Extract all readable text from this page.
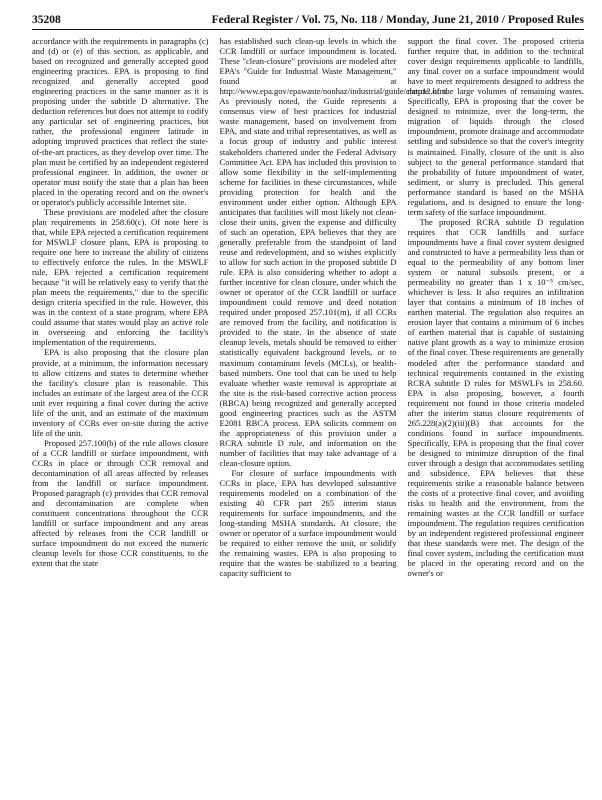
35208	Federal Register / Vol. 75, No. 118 / Monday, June 21, 2010 / Proposed Rules

accordance with the requirements in paragraphs (c) and (d) or (e) of this section, as applicable, and based on recognized and generally accepted good engineering practices. EPA is proposing to find recognized and generally accepted good engineering practices in the same manner as it is proposing under the subtitle D alternative. The deduction references but does not attempt to codify any particular set of engineering practices, but rather, the professional engineer latitude in adopting improved practices that reflect the state-of-the-art practices, as they develop over time. The plan must be certified by an independent registered professional engineer. In addition, the owner or operator must notify the state that a plan has been placed in the operating record and on the owner's or operator's publicly accessible Internet site.

These provisions are modeled after the closure plan requirements in 258.60(c). Of note here is that, while EPA rejected a certification requirement for MSWLF closure plans, EPA is proposing to require one here to increase the ability of citizens to effectively enforce the rules. In the MSWLF rule, EPA rejected a certification requirement because "it will be relatively easy to verify that the plan meets the requirements," due to the specific design criteria specified in the rule. However, this was in the context of a state program, where EPA could assume that states would play an active role in overseeing and enforcing the facility's implementation of the requirements.

EPA is also proposing that the closure plan provide, at a minimum, the information necessary to allow citizens and states to determine whether the facility's closure plan is reasonable. This includes an estimate of the largest area of the CCR unit ever requiring a final cover during the active life of the unit, and an estimate of the maximum inventory of CCRs ever on-site during the active life of the unit.

Proposed 257.100(b) of the rule allows closure of a CCR landfill or surface impoundment, with CCRs in place or through CCR removal and decontamination of all areas affected by releases from the landfill or surface impoundment. Proposed paragraph (c) provides that CCR removal and decontamination are complete when constituent concentrations throughout the CCR landfill or surface impoundment and any areas affected by releases from the CCR landfill or surface impoundment do not exceed the numeric cleanup levels for those CCR constituents, to the extent that the state

has established such clean-up levels in which the CCR landfill or surface impoundment is located. These "clean-closure" provisions are modeled after EPA's "Guide for Industrial Waste Management," found at http://www.epa.gov/epawaste/nonhaz/industrial/guide/chap12.htm. As previously noted, the Guide represents a consensus view of best practices for industrial waste management, based on involvement from EPA, and state and tribal representatives, as well as a focus group of industry and public interest stakeholders chartered under the Federal Advisory Committee Act. EPA has included this provision to allow some flexibility in the self-implementing scheme for facilities in these circumstances, while providing protection for health and the environment under either option. Although EPA anticipates that facilities will most likely not clean-close their units, given the expense and difficulty of such an operation, EPA believes that they are generally preferable from the standpoint of land reuse and redevelopment, and so wishes explicitly to allow for such action in the proposed subtitle D rule. EPA is also considering whether to adopt a further incentive for clean closure, under which the owner or operator of the CCR landfill or surface impoundment could remove and deed notation required under proposed 257.101(m), if all CCRs are removed from the facility, and notification is provided to the state. In the absence of state cleanup levels, metals should be removed to either statistically equivalent background levels, or to maximum contaminant levels (MCLs), or health-based numbers. One tool that can be used to help evaluate whether waste removal is appropriate at the site is the risk-based corrective action process (RBCA) being recognized and generally accepted good engineering practices such as the ASTM E2081 RBCA process. EPA solicits comment on the appropriateness of this provision under a RCRA subtitle D rule, and information on the number of facilities that may take advantage of a clean-closure option.

For closure of surface impoundments with CCRs in place, EPA has developed substantive requirements modeled on a combination of the existing 40 CFR part 265 interim status requirements for surface impoundments, and the long-standing MSHA standards. At closure, the owner or operator of a surface impoundment would be required to either remove the unit, or solidify the remaining wastes. EPA is also proposing to require that the wastes be stabilized to a bearing capacity sufficient to

support the final cover. The proposed criteria further require that, in addition to the technical cover design requirements applicable to landfills, any final cover on a surface impoundment would have to meet requirements designed to address the nature of the large volumes of remaining wastes. Specifically, EPA is proposing that the cover be designed to minimize, over the long-term, the migration of liquids through the closed impoundment, promote drainage and accommodate settling and subsidence so that the cover's integrity is maintained. Finally, closure of the unit is also subject to the general performance standard that the probability of future impoundment of water, sediment, or slurry is precluded. This general performance standard is based on the MSHA regulations, and is designed to ensure the long-term safety of the surface impoundment.

The proposed RCRA subtitle D regulation requires that CCR landfills and surface impoundments have a final cover system designed and constructed to have a permeability less than or equal to the permeability of any bottom liner system or natural subsoils present, or a permeability no greater than 1 x 10⁻⁵ cm/sec, whichever is less. It also requires an infiltration layer that contains a minimum of 18 inches of earthen material. The regulation also requires an erosion layer that contains a minimum of 6 inches of earthen material that is capable of sustaining native plant growth as a way to minimize erosion of the final cover. These requirements are generally modeled after the performance standard and technical requirements contained in the existing RCRA subtitle D rules for MSWLFs in 258.60. EPA is also proposing, however, a fourth requirement not found in those criteria modeled after the interim status closure requirements of 265.228(a)(2)(iii)(B) that accounts for the conditions found in surface impoundments. Specifically, EPA is proposing that the final cover be designed to minimize disruption of the final cover through a design that accommodates settling and subsidence. EPA believes that these requirements strike a reasonable balance between the costs of a protective final cover, and avoiding risks to health and the environment, from the remaining wastes at the CCR landfill or surface impoundment. The regulation requires certification by an independent registered professional engineer that these standards were met. The design of the final cover system, including the certification must be placed in the operating record and on the owner's or
